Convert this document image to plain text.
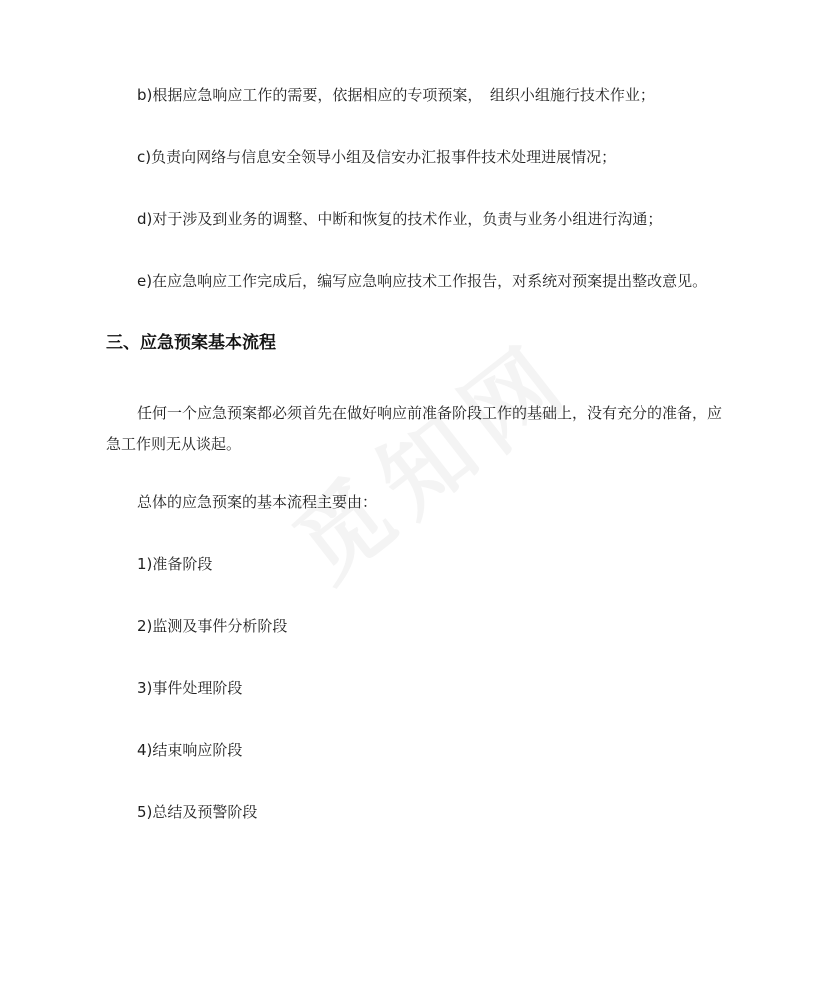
b)根据应急响应工作的需要，依据相应的专项预案，　组织小组施行技术作业；
c)负责向网络与信息安全领导小组及信安办汇报事件技术处理进展情况；
d)对于涉及到业务的调整、中断和恢复的技术作业，负责与业务小组进行沟通；
e)在应急响应工作完成后，编写应急响应技术工作报告，对系统对预案提出整改意见。
三、应急预案基本流程
任何一个应急预案都必须首先在做好响应前准备阶段工作的基础上，没有充分的准备，应急工作则无从谈起。
总体的应急预案的基本流程主要由：
1)准备阶段
2)监测及事件分析阶段
3)事件处理阶段
4)结束响应阶段
5)总结及预警阶段
